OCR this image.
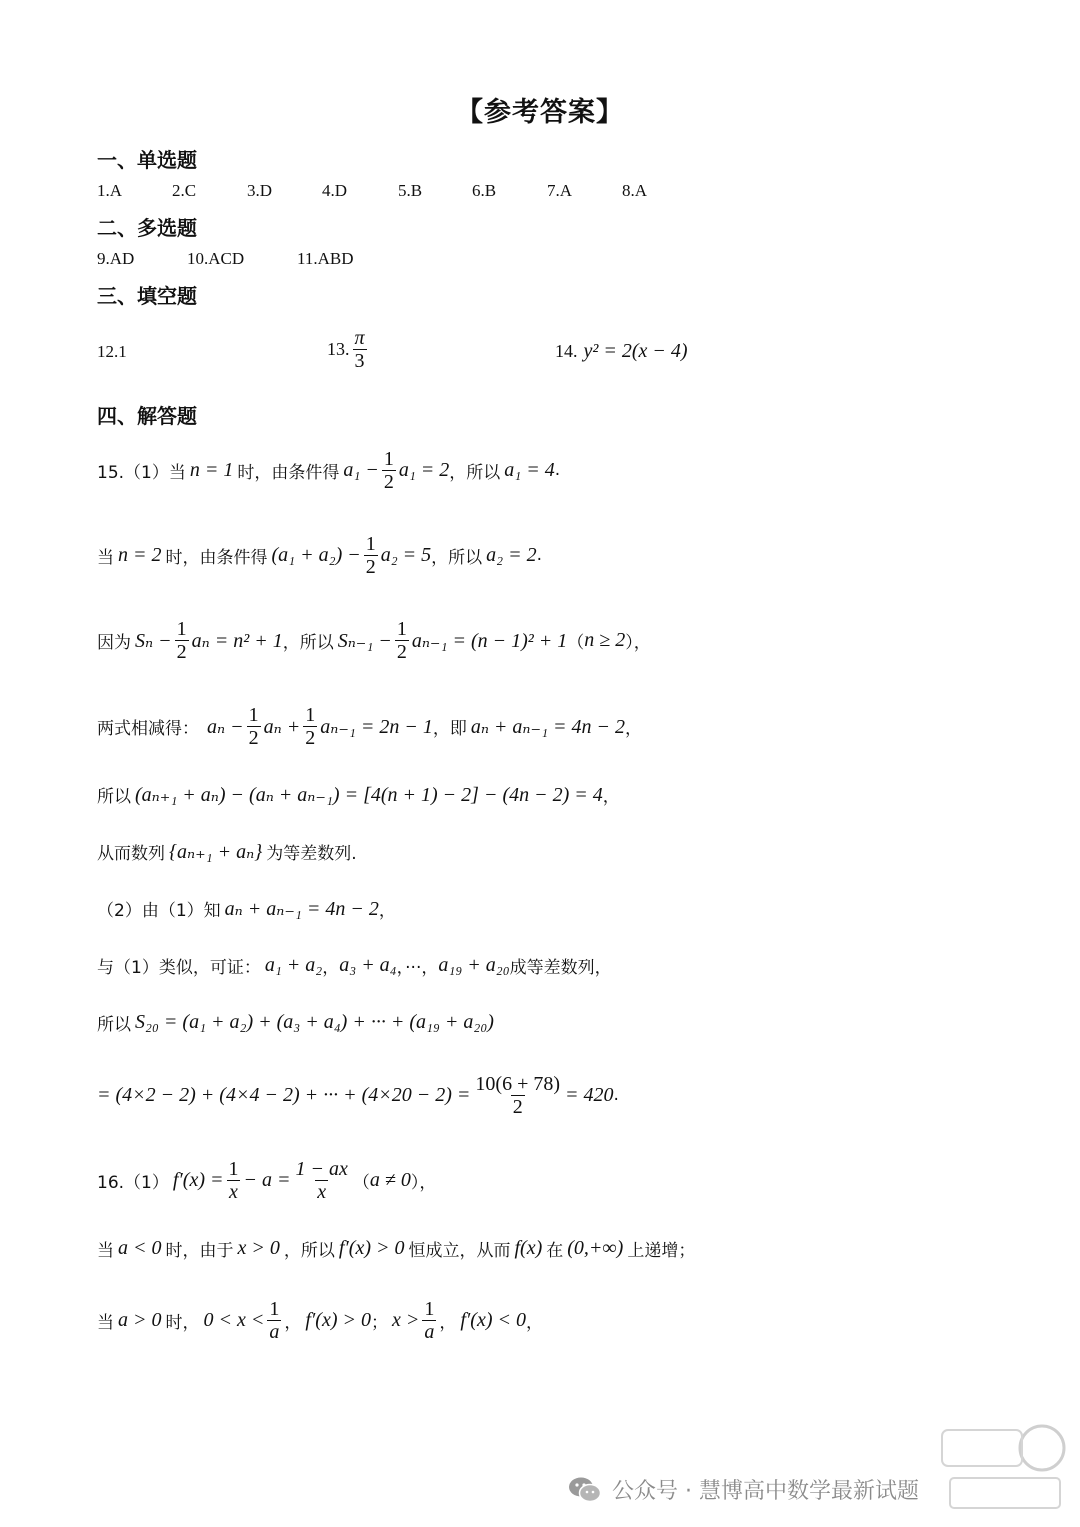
【参考答案】
一、单选题
1.A	2.C	3.D	4.D	5.B	6.B	7.A	8.A
二、多选题
9.AD	10.ACD	11.ABD
三、填空题
12.1	13. $\frac{\pi}{3}$	14. y² = 2(x − 4)
四、解答题
15.（1）当 n = 1 时，由条件得 $a_1 - \frac{1}{2} a_1 = 2$ ，所以 a₁ = 4 .
当 n = 2 时，由条件得 $(a_1 + a_2) - \frac{1}{2} a_2 = 5$ ，所以 a₂ = 2 .
因为 $S_n - \frac{1}{2}$ aₙ = n² + 1 ，所以 $S_{n-1} - \frac{1}{2} a_{n-1} = (n - 1)^2 + 1$ （ n ≥ 2 ），
两式相减得： $a_n - \frac{1}{2}$ $a_n + \frac{1}{2} a_{n-1} = 2n - 1$ ，即 aₙ + aₙ₋₁ = 4n − 2 ，
所以 (aₙ₊₁ + aₙ) − (aₙ + aₙ₋₁) = [4(n + 1) − 2] − (4n − 2) = 4 ，
从而数列 {aₙ₊₁ + aₙ} 为等差数列.
（2）由（1）知 aₙ + aₙ₋₁ = 4n − 2 ，
与（1）类似，可证： a₁ + a₂ ， a₃ + a₄ ，···， a₁₉ + a₂₀ 成等差数列，
所以 S₂₀ = (a₁ + a₂) + (a₃ + a₄) + ··· + (a₁₉ + a₂₀)
= (4×2 − 2) + (4×4 − 2) + ··· + $(4\times 20 - 2) = \frac{10(6 + 78)}{2} = 420$ .
16.（1） $f'(x) = \frac{1}{x} - a = \frac{1 - ax}{x}$ （ a ≠ 0 ），
当 a < 0 时，由于 x > 0 ，所以 f′(x) > 0 恒成立，从而 f(x) 在 (0,+∞) 上递增；
当 a > 0 时， $0 < x < \frac{1}{a}$ ， f′(x) > 0 ； $x > \frac{1}{a}$ ， f′(x) < 0 ，
公众号 · 慧博高中数学最新试题
